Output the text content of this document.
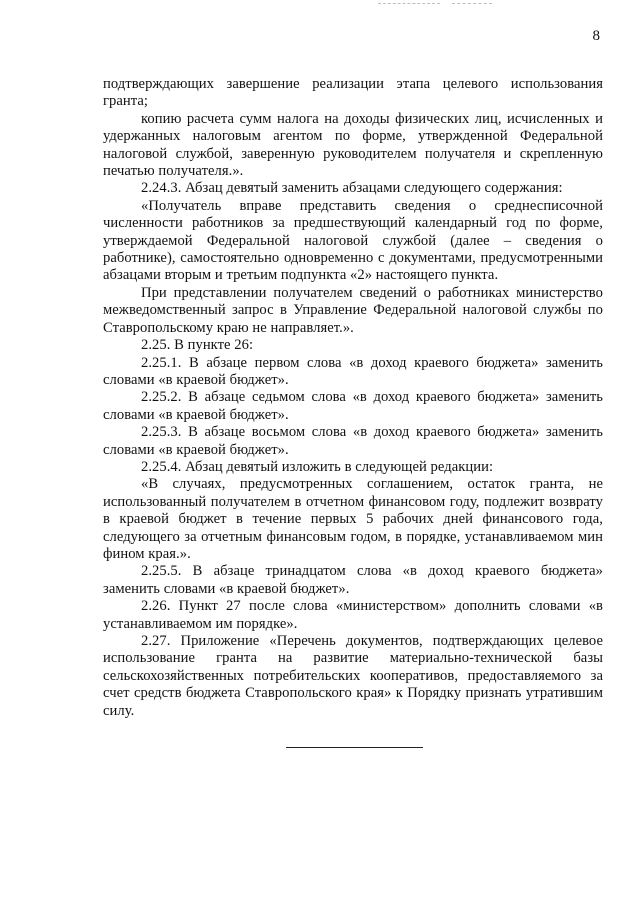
8

подтверждающих завершение реализации этапа целевого использования гранта;

копию расчета сумм налога на доходы физических лиц, исчисленных и удержанных налоговым агентом по форме, утвержденной Федеральной налоговой службой, заверенную руководителем получателя и скрепленную печатью получателя.».

2.24.3. Абзац девятый заменить абзацами следующего содержания:

«Получатель вправе представить сведения о среднесписочной численности работников за предшествующий календарный год по форме, утверждаемой Федеральной налоговой службой (далее – сведения о работнике), самостоятельно одновременно с документами, предусмотренными абзацами вторым и третьим подпункта «2» настоящего пункта.

При представлении получателем сведений о работниках министерство межведомственный запрос в Управление Федеральной налоговой службы по Ставропольскому краю не направляет.».

2.25. В пункте 26:

2.25.1. В абзаце первом слова «в доход краевого бюджета» заменить словами «в краевой бюджет».

2.25.2. В абзаце седьмом слова «в доход краевого бюджета» заменить словами «в краевой бюджет».

2.25.3. В абзаце восьмом слова «в доход краевого бюджета» заменить словами «в краевой бюджет».

2.25.4. Абзац девятый изложить в следующей редакции:

«В случаях, предусмотренных соглашением, остаток гранта, не использованный получателем в отчетном финансовом году, подлежит возврату в краевой бюджет в течение первых 5 рабочих дней финансового года, следующего за отчетным финансовым годом, в порядке, устанавливаемом мин фином края.».

2.25.5. В абзаце тринадцатом слова «в доход краевого бюджета» заменить словами «в краевой бюджет».

2.26. Пункт 27 после слова «министерством» дополнить словами «в устанавливаемом им порядке».

2.27. Приложение «Перечень документов, подтверждающих целевое использование гранта на развитие материально-технической базы сельскохозяйственных потребительских кооперативов, предоставляемого за счет средств бюджета Ставропольского края» к Порядку признать утратившим силу.
